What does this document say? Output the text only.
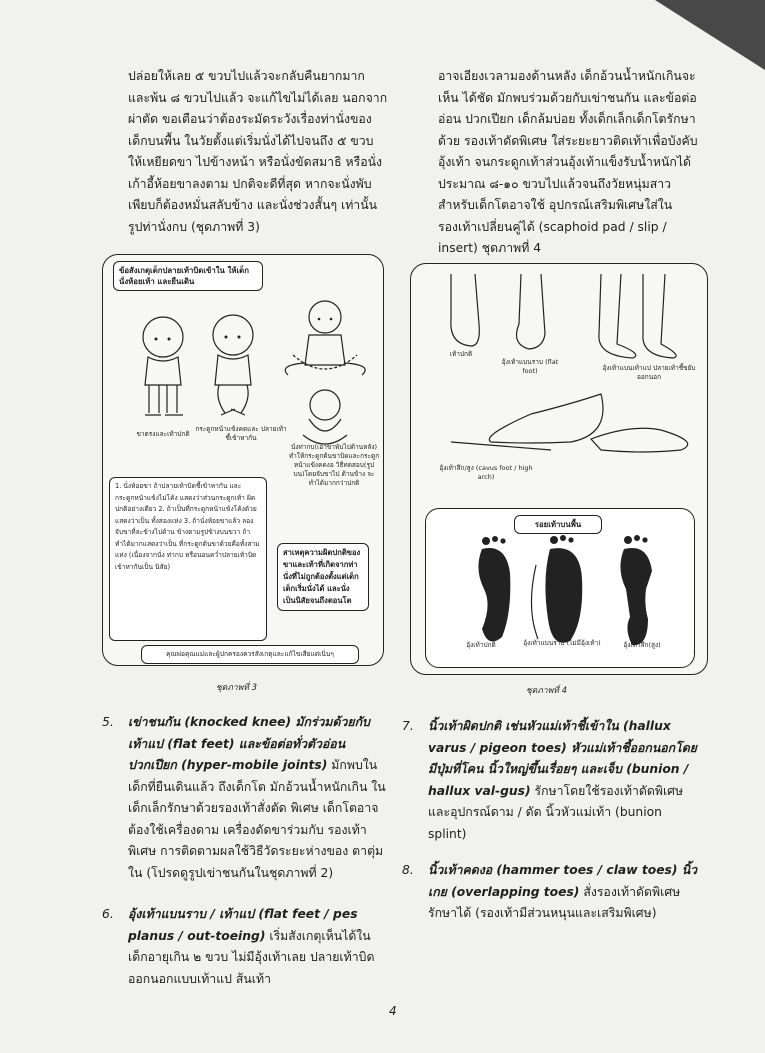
ปล่อยให้เลย ๕ ขวบไปแล้วจะกลับคืนยากมาก และพ้น ๘ ขวบไปแล้ว จะแก้ไขไม่ได้เลย นอกจากผ่าตัด ขอเตือนว่าต้องระมัดระวังเรื่องท่านั่งของเด็กบนพื้น ในวัยตั้งแต่เริ่มนั่งได้ไปจนถึง ๕ ขวบ ให้เหยียดขา ไปข้างหน้า หรือนั่งขัดสมาธิ หรือนั่งเก้าอี้ห้อยขาลงตาม ปกติจะดีที่สุด หากจะนั่งพับเพียบก็ต้องหมั่นสลับข้าง และนั่งช่วงสั้นๆ เท่านั้น รูปท่านั่งกบ (ชุดภาพที่ 3)

อาจเอียงเวลามองด้านหลัง เด็กอ้วนน้ำหนักเกินจะเห็น ได้ชัด มักพบร่วมด้วยกับเข่าชนกัน และข้อต่ออ่อน ปวกเปียก เด็กล้มบ่อย ทั้งเด็กเล็กเด็กโตรักษาด้วย รองเท้าดัดพิเศษ ใส่ระยะยาวติดเท้าเพื่อบังคับอุ้งเท้า จนกระดูกเท้าส่วนอุ้งเท้าแข็งรับน้ำหนักได้ ประมาณ ๘-๑๐ ขวบไปแล้วจนถึงวัยหนุ่มสาว สำหรับเด็กโตอาจใช้ อุปกรณ์เสริมพิเศษใส่ในรองเท้าเปลี่ยนคู่ได้ (scaphoid pad / slip / insert) ชุดภาพที่ 4

ข้อสังเกตุเด็กปลายเท้าบิดเข้าใน ให้เด็กนั่งห้อยเท้า และยืนเดิน
ขาตรงและเท้าปกติ
กระดูกหน้าแข้งคดและ ปลายเท้าชี้เข้าหากัน
นั่งท่ากบ(เอาขาพับไปด้านหลัง) ทำให้กระดูกต้นขาบิดและกระดูก หน้าแข้งคดงอ วิธีทดสอบ(รูปบน)โดยจับขาไป ด้านข้าง จะทำได้มากกว่าปกติ
1. นั่งห้อยขา ถ้าปลายเท้าบิดชี้เข้าหากัน และ กระดูกหน้าแข้งไม่โค้ง แสดงว่าส่วนกระดูกเท้า ผิดปกติอย่างเดียว 2. ถ้าเป็นที่กระดูกหน้าแข้งโค้งด้วยแสดงว่าเป็น ทั้งสองแห่ง 3. ถ้านั่งห้อยขาแล้ว ลองจับขาที่ละข้างไปด้าน ข้างตามรูปข้างบนขวา ถ้าทำได้มากแสดงว่าเป็น ที่กระดูกต้นขาด้วยคือทั้งสามแห่ง (เนื่องจากนั่ง ท่ากบ หรือนอนคว่ำปลายเท้าบิดเข้าหากันเป็น นิสัย)
สาเหตุความผิดปกติของ ขาและเท้าที่เกิดจากท่า นั่งที่ไม่ถูกต้องตั้งแต่เด็ก เด็กเริ่มนั่งได้ และนั่ง เป็นนิสัยจนถึงตอนโต
คุณพ่อคุณแม่และผู้ปกครองควรสังเกตุและแก้ไขเสียแต่เนิ่นๆ
ชุดภาพที่ 3
เท้าปกติ
อุ้งเท้าแบนราบ (flat foot)	อุ้งเท้าแบนเท้าแป ปลายเท้าชี้ขยับออกนอก
อุ้งเท้าลึก/สูง (cavus foot / high arch)
รอยเท้าบนพื้น
อุ้งเท้าปกติ	อุ้งเท้าแบนราบ (ไม่มีอุ้งเท้า)	อุ้งเท้าลึก(สูง)
ชุดภาพที่ 4
5. เข่าชนกัน (knocked knee) มักร่วมด้วยกับ เท้าแป (flat feet) และข้อต่อทั่วตัวอ่อนปวกเปียก (hyper-mobile joints) มักพบในเด็กที่ยืนเดินแล้ว ถึงเด็กโต มักอ้วนน้ำหนักเกิน ในเด็กเล็กรักษาด้วยรองเท้าสั่งตัด พิเศษ เด็กโตอาจต้องใช้เครื่องดาม เครื่องดัดขาร่วมกับ รองเท้าพิเศษ การติดตามผลใช้วิธีวัดระยะห่างของ ตาตุ่มใน (โปรดดูรูปเข่าชนกันในชุดภาพที่ 2)
6. อุ้งเท้าแบนราบ / เท้าแป (flat feet / pes planus / out-toeing) เริ่มสังเกตุเห็นได้ในเด็กอายุเกิน ๒ ขวบ ไม่มีอุ้งเท้าเลย ปลายเท้าบิดออกนอกแบบเท้าแป ส้นเท้า
7. นิ้วเท้าผิดปกติ เช่นหัวแม่เท้าชี้เข้าใน (hallux varus / pigeon toes) หัวแม่เท้าชี้ออกนอกโดยมีปุ่มที่โคน นิ้วใหญ่ขึ้นเรื่อยๆ และเจ็บ (bunion / hallux val-gus) รักษาโดยใช้รองเท้าดัดพิเศษ และอุปกรณ์ดาม / ดัด นิ้วหัวแม่เท้า (bunion splint)
8. นิ้วเท้าคดงอ (hammer toes / claw toes) นิ้วเกย (overlapping toes) สั่งรองเท้าดัดพิเศษรักษาได้ (รองเท้ามีส่วนหนุนและเสริมพิเศษ)
4
